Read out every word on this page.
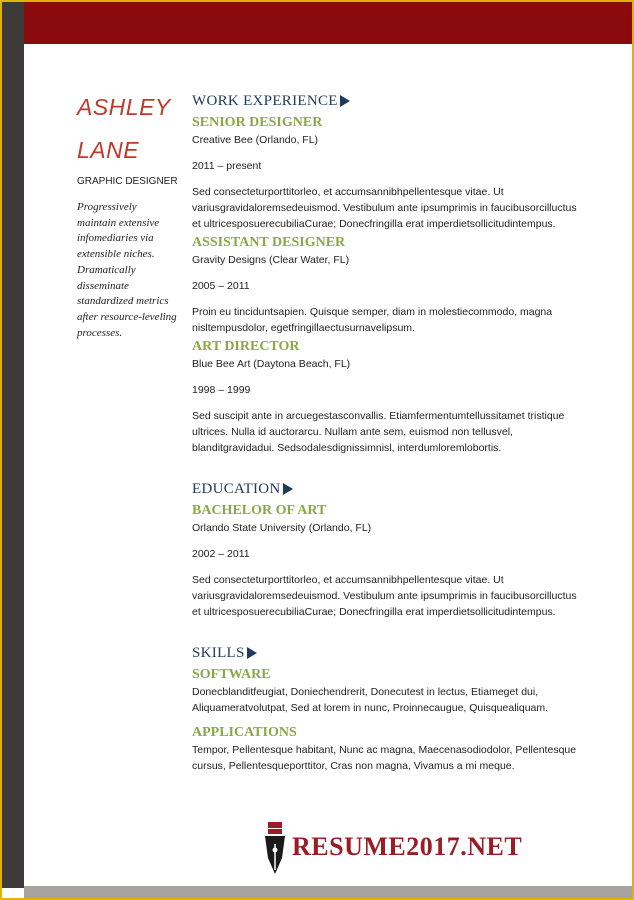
ASHLEY
LANE
GRAPHIC DESIGNER
Progressively maintain extensive infomediaries via extensible niches. Dramatically disseminate standardized metrics after resource-leveling processes.
WORK EXPERIENCE
SENIOR DESIGNER
Creative Bee (Orlando, FL)
2011 – present
Sed consecteturporttitorleo, et accumsannibhpellentesque vitae. Ut
variusgravidaloremsedeuismod. Vestibulum ante ipsumprimis in faucibusorcilluctus
et ultricesposuerecubiliaCurae; Donecfringilla erat imperdietsollicitudintempus.
ASSISTANT DESIGNER
Gravity Designs (Clear Water, FL)
2005 – 2011
Proin eu tinciduntsapien. Quisque semper, diam in molestiecommodo, magna
nisltempusdolor, egetfringillaectusurnavelipsum.
ART DIRECTOR
Blue Bee Art (Daytona Beach, FL)
1998 – 1999
Sed suscipit ante in arcuegestasconvallis. Etiamfermentumtellussitamet tristique
ultrices. Nulla id auctorarcu. Nullam ante sem, euismod non tellusvel,
blanditgravidadui. Sedsodalesdignissimnisl, interdumloremlobortis.
EDUCATION
BACHELOR OF ART
Orlando State University (Orlando, FL)
2002 – 2011
Sed consecteturporttitorleo, et accumsannibhpellentesque vitae. Ut
variusgravidaloremsedeuismod. Vestibulum ante ipsumprimis in faucibusorcilluctus
et ultricesposuerecubiliaCurae; Donecfringilla erat imperdietsollicitudintempus.
SKILLS
SOFTWARE
Donecblanditfeugiat, Doniechendrerit, Donecutest in lectus, Etiameget dui,
Aliquameratvolutpat, Sed at lorem in nunc, Proinnecaugue, Quisquealiquam.
APPLICATIONS
Tempor, Pellentesque habitant, Nunc ac magna, Maecenasodiodolor, Pellentesque
cursus, Pellentesqueporttitor, Cras non magna, Vivamus a mi meque.
RESUME2017.NET
